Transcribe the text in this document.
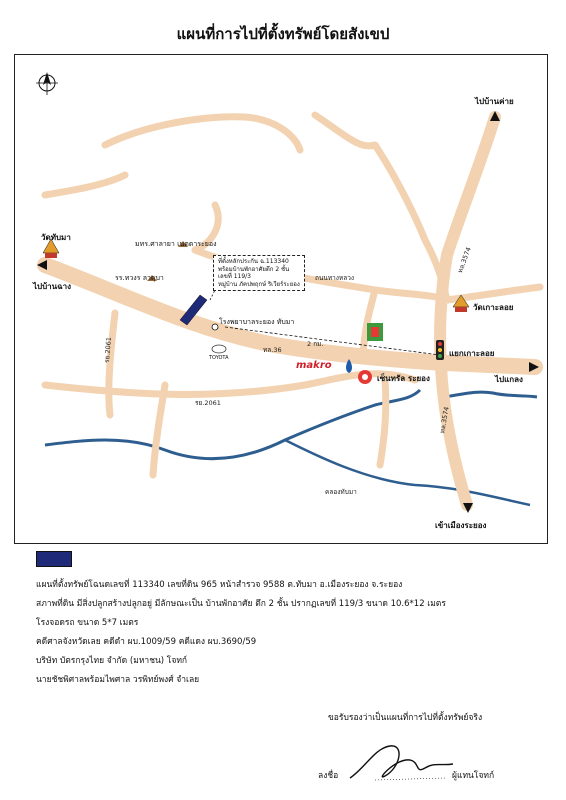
แผนที่การไปที่ตั้งทรัพย์โดยสังเขป
ที่ตั้งหลักประกัน ฉ.113340
พร้อมบ้านพักอาศัยตึก 2 ชั้น
เลขที่ 119/3
หมู่บ้าน ภัคปพฤกษ์ ริเวียร์ระยอง
ไปบ้านฉาง
ไปบ้านค่าย
ไปแกลง
เข้าเมืองระยอง
ทล.36
ทล.3574
ทล.3574
รย.2061
รย.2061
2 กม.
คลองทับมา
ถนนทางหลวง
วัดทับมา
วัดเกาะลอย
มทร.ศาลายา เนตตาระยอง
รร.ทวงร ลาดุบา
โรงพยาบาลระยอง ทับมา
TOYOTA
เซ็นทรัล ระยอง
แยกเกาะลอย
makro
แผนที่ตั้งทรัพย์โฉนดเลขที่ 113340 เลขที่ดิน 965 หน้าสำรวจ 9588 ต.ทับมา อ.เมืองระยอง จ.ระยอง
สภาพที่ดิน มีสิ่งปลูกสร้างปลูกอยู่ มีลักษณะเป็น บ้านพักอาศัย ตึก 2 ชั้น ปรากฏเลขที่ 119/3 ขนาด 10.6*12 เมตร
โรงจอดรถ ขนาด 5*7 เมตร
คดีศาลจังหวัดเลย คดีดำ ผบ.1009/59 คดีแดง ผบ.3690/59
บริษัท บัตรกรุงไทย จำกัด (มหาชน) โจทก์
นายชัชพิศาลพร้อมไพศาล วรพิทย์พงศ์ จำเลย
ขอรับรองว่าเป็นแผนที่การไปที่ตั้งทรัพย์จริง
ลงชื่อ	ผู้แทนโจทก์
